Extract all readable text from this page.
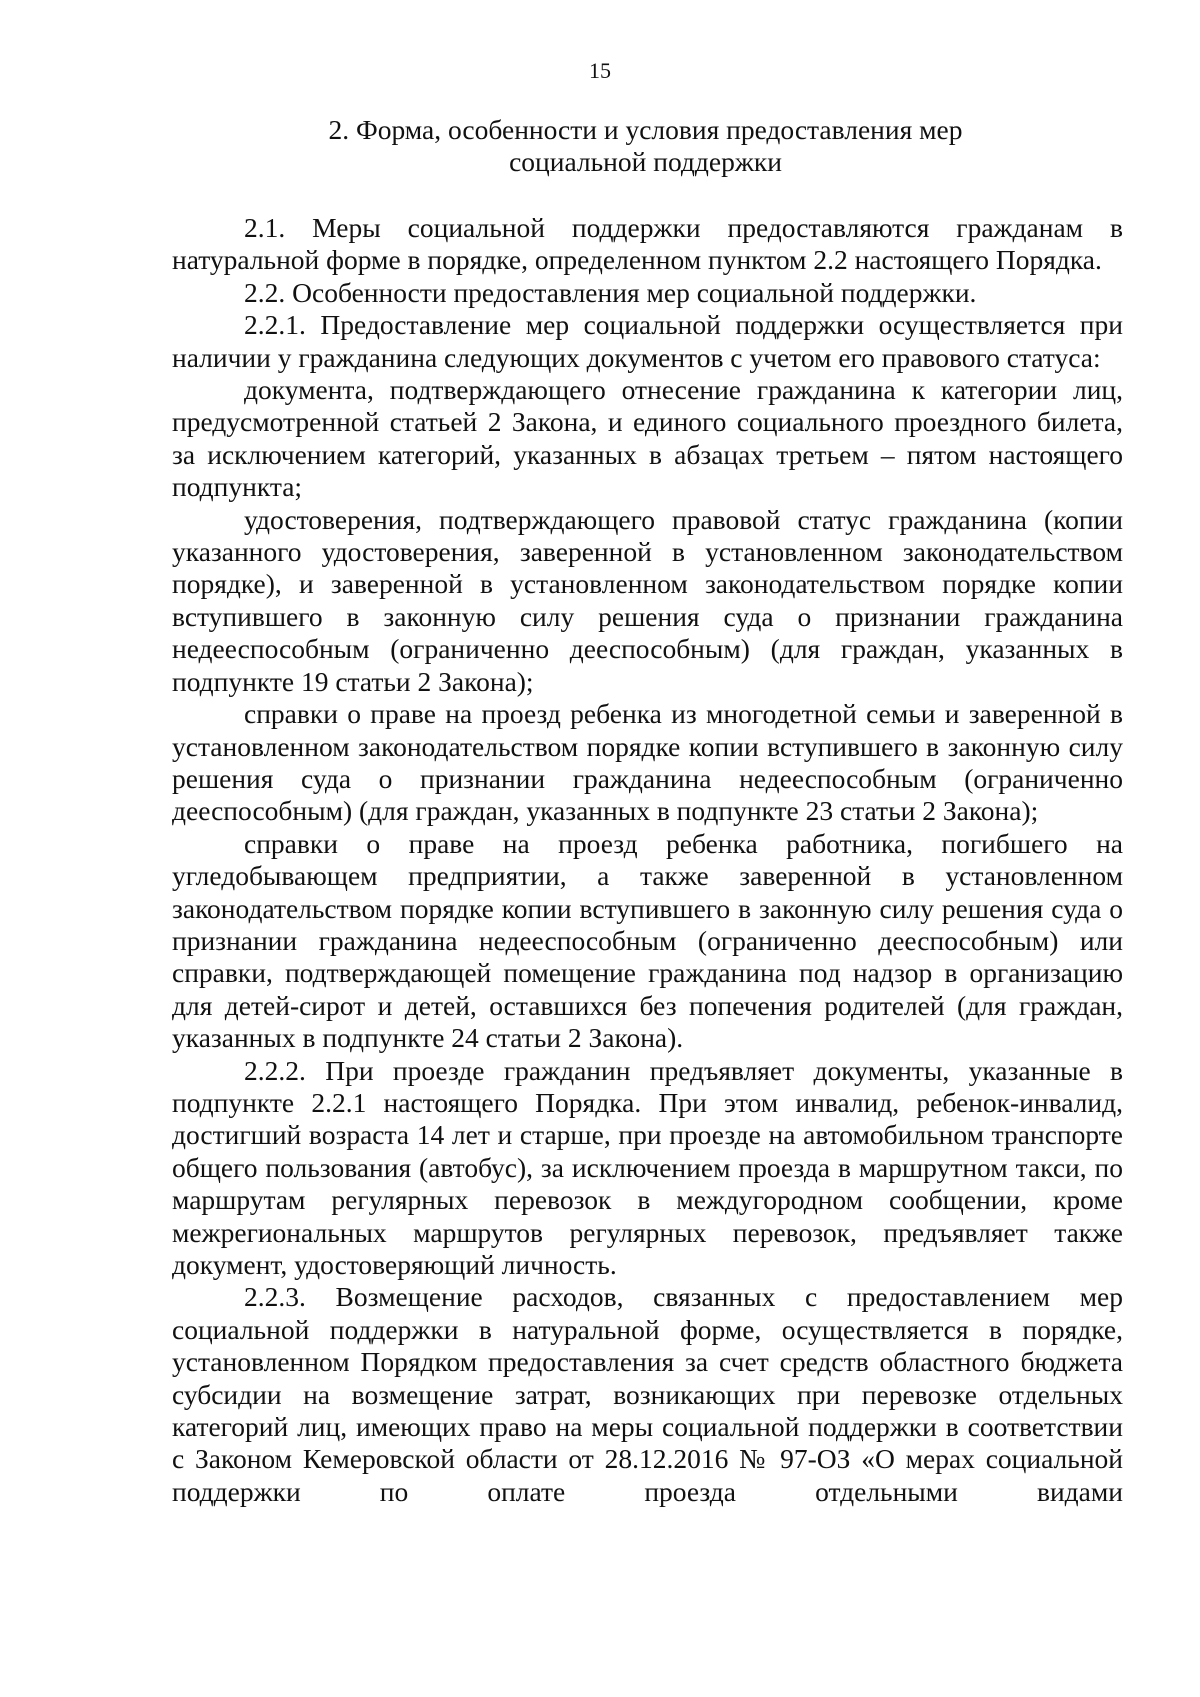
15
2. Форма, особенности и условия предоставления мер
социальной поддержки

2.1. Меры социальной поддержки предоставляются гражданам в натуральной форме в порядке, определенном пунктом 2.2 настоящего Порядка.

2.2. Особенности предоставления мер социальной поддержки.

2.2.1. Предоставление мер социальной поддержки осуществляется при наличии у гражданина следующих документов с учетом его правового статуса:

документа, подтверждающего отнесение гражданина к категории лиц, предусмотренной статьей 2 Закона, и единого социального проездного билета, за исключением категорий, указанных в абзацах третьем – пятом настоящего подпункта;

удостоверения, подтверждающего правовой статус гражданина (копии указанного удостоверения, заверенной в установленном законодательством порядке), и заверенной в установленном законодательством порядке копии вступившего в законную силу решения суда о признании гражданина недееспособным (ограниченно дееспособным) (для граждан, указанных в подпункте 19 статьи 2 Закона);

справки о праве на проезд ребенка из многодетной семьи и заверенной в установленном законодательством порядке копии вступившего в законную силу решения суда о признании гражданина недееспособным (ограниченно дееспособным) (для граждан, указанных в подпункте 23 статьи 2 Закона);

справки о праве на проезд ребенка работника, погибшего на угледобывающем предприятии, а также заверенной в установленном законодательством порядке копии вступившего в законную силу решения суда о признании гражданина недееспособным (ограниченно дееспособным) или справки, подтверждающей помещение гражданина под надзор в организацию для детей-сирот и детей, оставшихся без попечения родителей (для граждан, указанных в подпункте 24 статьи 2 Закона).

2.2.2. При проезде гражданин предъявляет документы, указанные в подпункте 2.2.1 настоящего Порядка. При этом инвалид, ребенок-инвалид, достигший возраста 14 лет и старше, при проезде на автомобильном транспорте общего пользования (автобус), за исключением проезда в маршрутном такси, по маршрутам регулярных перевозок в междугородном сообщении, кроме межрегиональных маршрутов регулярных перевозок, предъявляет также документ, удостоверяющий личность.

2.2.3. Возмещение расходов, связанных с предоставлением мер социальной поддержки в натуральной форме, осуществляется в порядке, установленном Порядком предоставления за счет средств областного бюджета субсидии на возмещение затрат, возникающих при перевозке отдельных категорий лиц, имеющих право на меры социальной поддержки в соответствии с Законом Кемеровской области от 28.12.2016 № 97-ОЗ «О мерах социальной поддержки по оплате проезда отдельными видами
